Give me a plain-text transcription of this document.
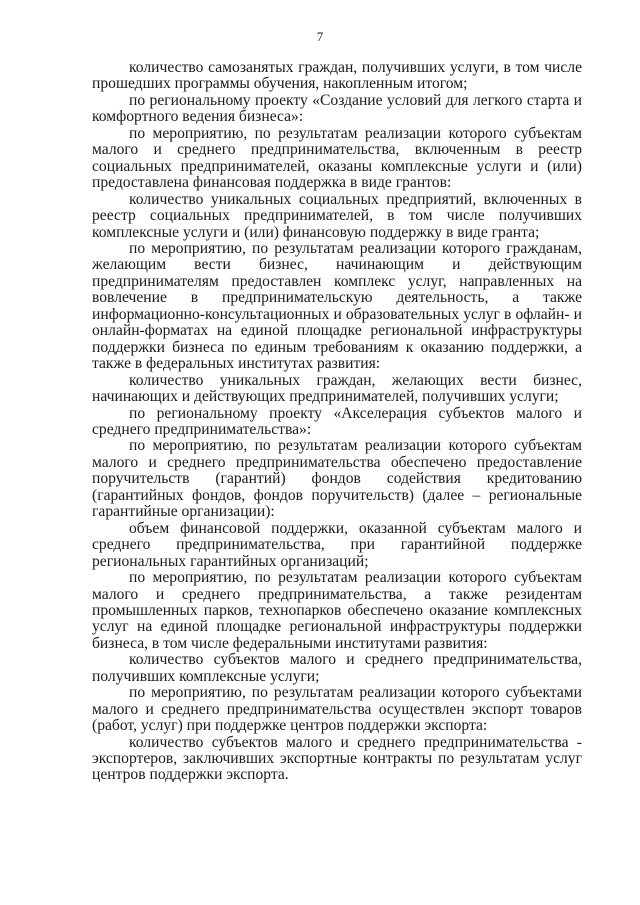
7

количество самозанятых граждан, получивших услуги, в том числе прошедших программы обучения, накопленным итогом;

по региональному проекту «Создание условий для легкого старта и комфортного ведения бизнеса»:

по мероприятию, по результатам реализации которого субъектам малого и среднего предпринимательства, включенным в реестр социальных предпринимателей, оказаны комплексные услуги и (или) предоставлена финансовая поддержка в виде грантов:

количество уникальных социальных предприятий, включенных в реестр социальных предпринимателей, в том числе получивших комплексные услуги и (или) финансовую поддержку в виде гранта;

по мероприятию, по результатам реализации которого гражданам, желающим вести бизнес, начинающим и действующим предпринимателям предоставлен комплекс услуг, направленных на вовлечение в предпринимательскую деятельность, а также информационно-консультационных и образовательных услуг в офлайн- и онлайн-форматах на единой площадке региональной инфраструктуры поддержки бизнеса по единым требованиям к оказанию поддержки, а также в федеральных институтах развития:

количество уникальных граждан, желающих вести бизнес, начинающих и действующих предпринимателей, получивших услуги;

по региональному проекту «Акселерация субъектов малого и среднего предпринимательства»:

по мероприятию, по результатам реализации которого субъектам малого и среднего предпринимательства обеспечено предоставление поручительств (гарантий) фондов содействия кредитованию (гарантийных фондов, фондов поручительств) (далее – региональные гарантийные организации):

объем финансовой поддержки, оказанной субъектам малого и среднего предпринимательства, при гарантийной поддержке региональных гарантийных организаций;

по мероприятию, по результатам реализации которого субъектам малого и среднего предпринимательства, а также резидентам промышленных парков, технопарков обеспечено оказание комплексных услуг на единой площадке региональной инфраструктуры поддержки бизнеса, в том числе федеральными институтами развития:

количество субъектов малого и среднего предпринимательства, получивших комплексные услуги;

по мероприятию, по результатам реализации которого субъектами малого и среднего предпринимательства осуществлен экспорт товаров (работ, услуг) при поддержке центров поддержки экспорта:

количество субъектов малого и среднего предпринимательства - экспортеров, заключивших экспортные контракты по результатам услуг центров поддержки экспорта.
